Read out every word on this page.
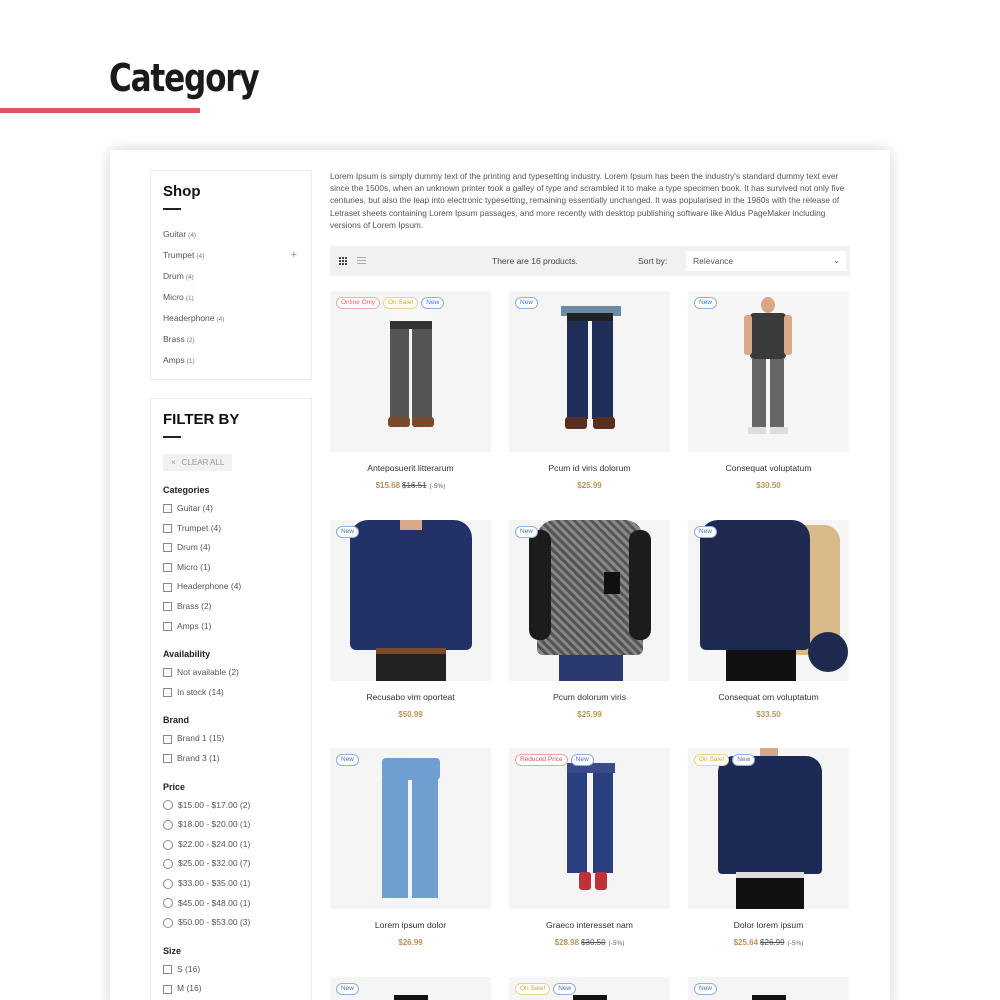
Category
Shop
Guitar (4)
Trumpet (4)	+
Drum (4)
Micro (1)
Headerphone (4)
Brass (2)
Amps (1)
FILTER BY
× CLEAR ALL
Categories
Guitar (4)
Trumpet (4)
Drum (4)
Micro (1)
Headerphone (4)
Brass (2)
Amps (1)
Availability
Not available (2)
In stock (14)
Brand
Brand 1 (15)
Brand 3 (1)
Price
$15.00 - $17.00 (2)
$18.00 - $20.00 (1)
$22.00 - $24.00 (1)
$25.00 - $32.00 (7)
$33.00 - $35.00 (1)
$45.00 - $48.00 (1)
$50.00 - $53.00 (3)
Size
S (16)
M (16)
Lorem Ipsum is simply dummy text of the printing and typesetting industry. Lorem Ipsum has been the industry's standard dummy text ever since the 1500s, when an unknown printer took a galley of type and scrambled it to make a type specimen book. It has survived not only five centuries, but also the leap into electronic typesetting, remaining essentially unchanged. It was popularised in the 1960s with the release of Letraset sheets containing Lorem Ipsum passages, and more recently with desktop publishing software like Aldus PageMaker including versions of Lorem Ipsum.
There are 16 products.	Sort by:	Relevance	⌄
Online Only	On Sale!	New
Anteposuerit litterarum
$15.68 $16.51 (-5%)
New
Pcum id viris dolorum
$25.99
New
Consequat voluptatum
$30.50
New
Recusabo vim oporteat
$50.99
New
Pcum dolorum viris
$25.99
New
Consequat om voluptatum
$33.50
New
Lorem ipsum dolor
$26.99
Reduced Price	New
Graeco interesset nam
$28.98 $30.50 (-5%)
On Sale!	New
Dolor lorem ipsum
$25.64 $26.99 (-5%)
New	On Sale!	New	New
